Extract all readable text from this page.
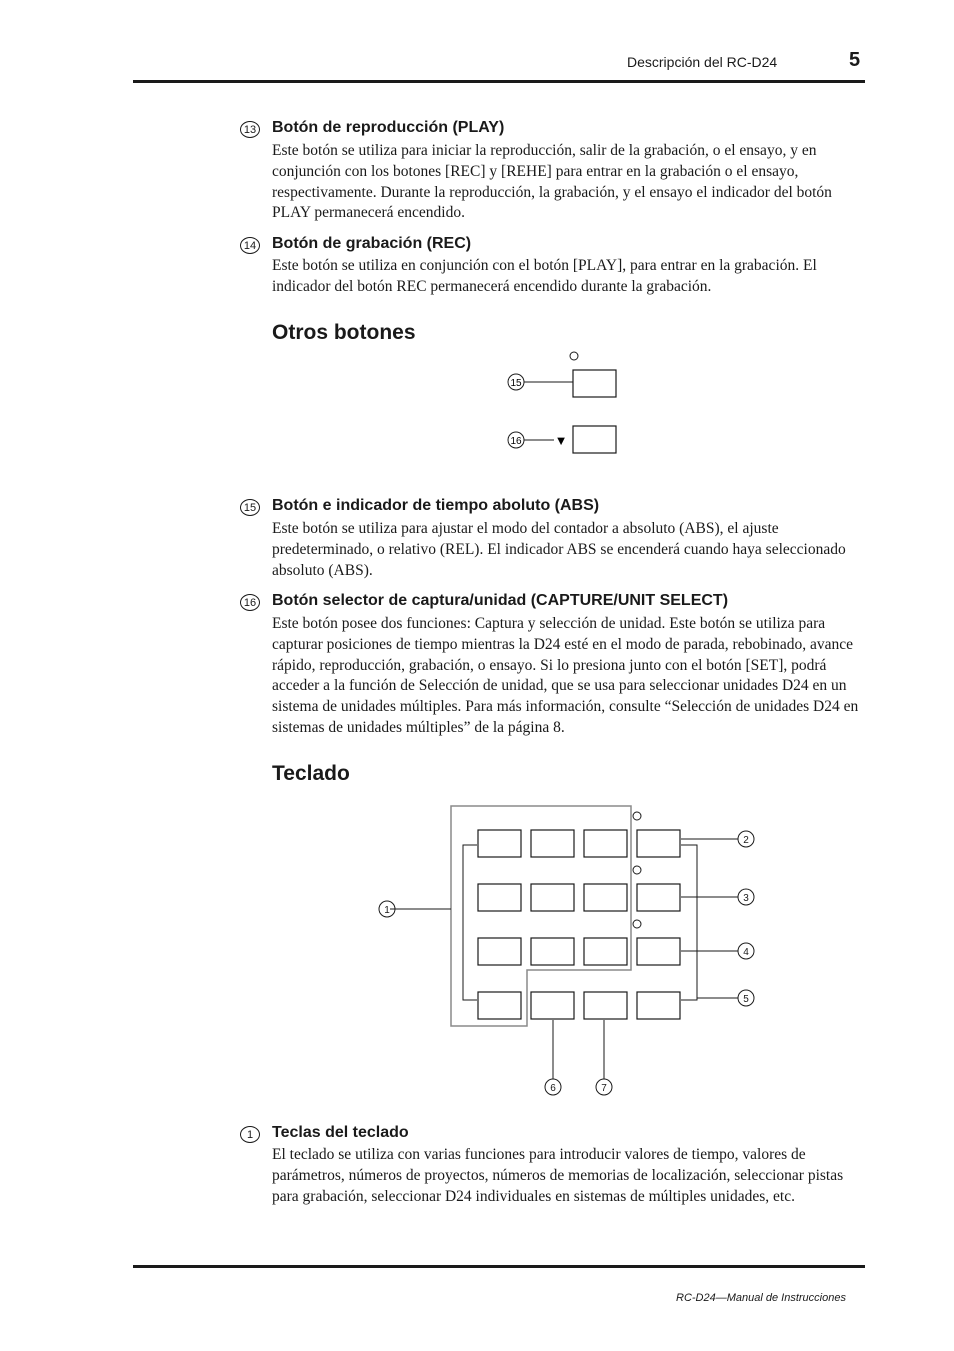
Descripción del RC-D24	5
13 Botón de reproducción (PLAY)
Este botón se utiliza para iniciar la reproducción, salir de la grabación, o el ensayo, y en conjunción con los botones [REC] y [REHE] para entrar en la grabación o el ensayo, respectivamente. Durante la reproducción, la grabación, y el ensayo el indicador del botón PLAY permanecerá encendido.
14 Botón de grabación (REC)
Este botón se utiliza en conjunción con el botón [PLAY], para entrar en la grabación. El indicador del botón REC permanecerá encendido durante la grabación.
Otros botones
15
16	▼
15 Botón e indicador de tiempo aboluto (ABS)
Este botón se utiliza para ajustar el modo del contador a absoluto (ABS), el ajuste predeterminado, o relativo (REL). El indicador ABS se encenderá cuando haya seleccionado absoluto (ABS).
16 Botón selector de captura/unidad (CAPTURE/UNIT SELECT)
Este botón posee dos funciones: Captura y selección de unidad. Este botón se utiliza para capturar posiciones de tiempo mientras la D24 esté en el modo de parada, rebobinado, avance rápido, reproducción, grabación, o ensayo. Si lo presiona junto con el botón [SET], podrá acceder a la función de Selección de unidad, que se usa para seleccionar unidades D24 en un sistema de unidades múltiples. Para más información, consulte “Selección de unidades D24 en sistemas de unidades múltiples” de la página 8.
Teclado
1
2
3
4
5
6	7
1	Teclas del teclado
El teclado se utiliza con varias funciones para introducir valores de tiempo, valores de parámetros, números de proyectos, números de memorias de localización, seleccionar pistas para grabación, seleccionar D24 individuales en sistemas de múltiples unidades, etc.
RC-D24—Manual de Instrucciones
